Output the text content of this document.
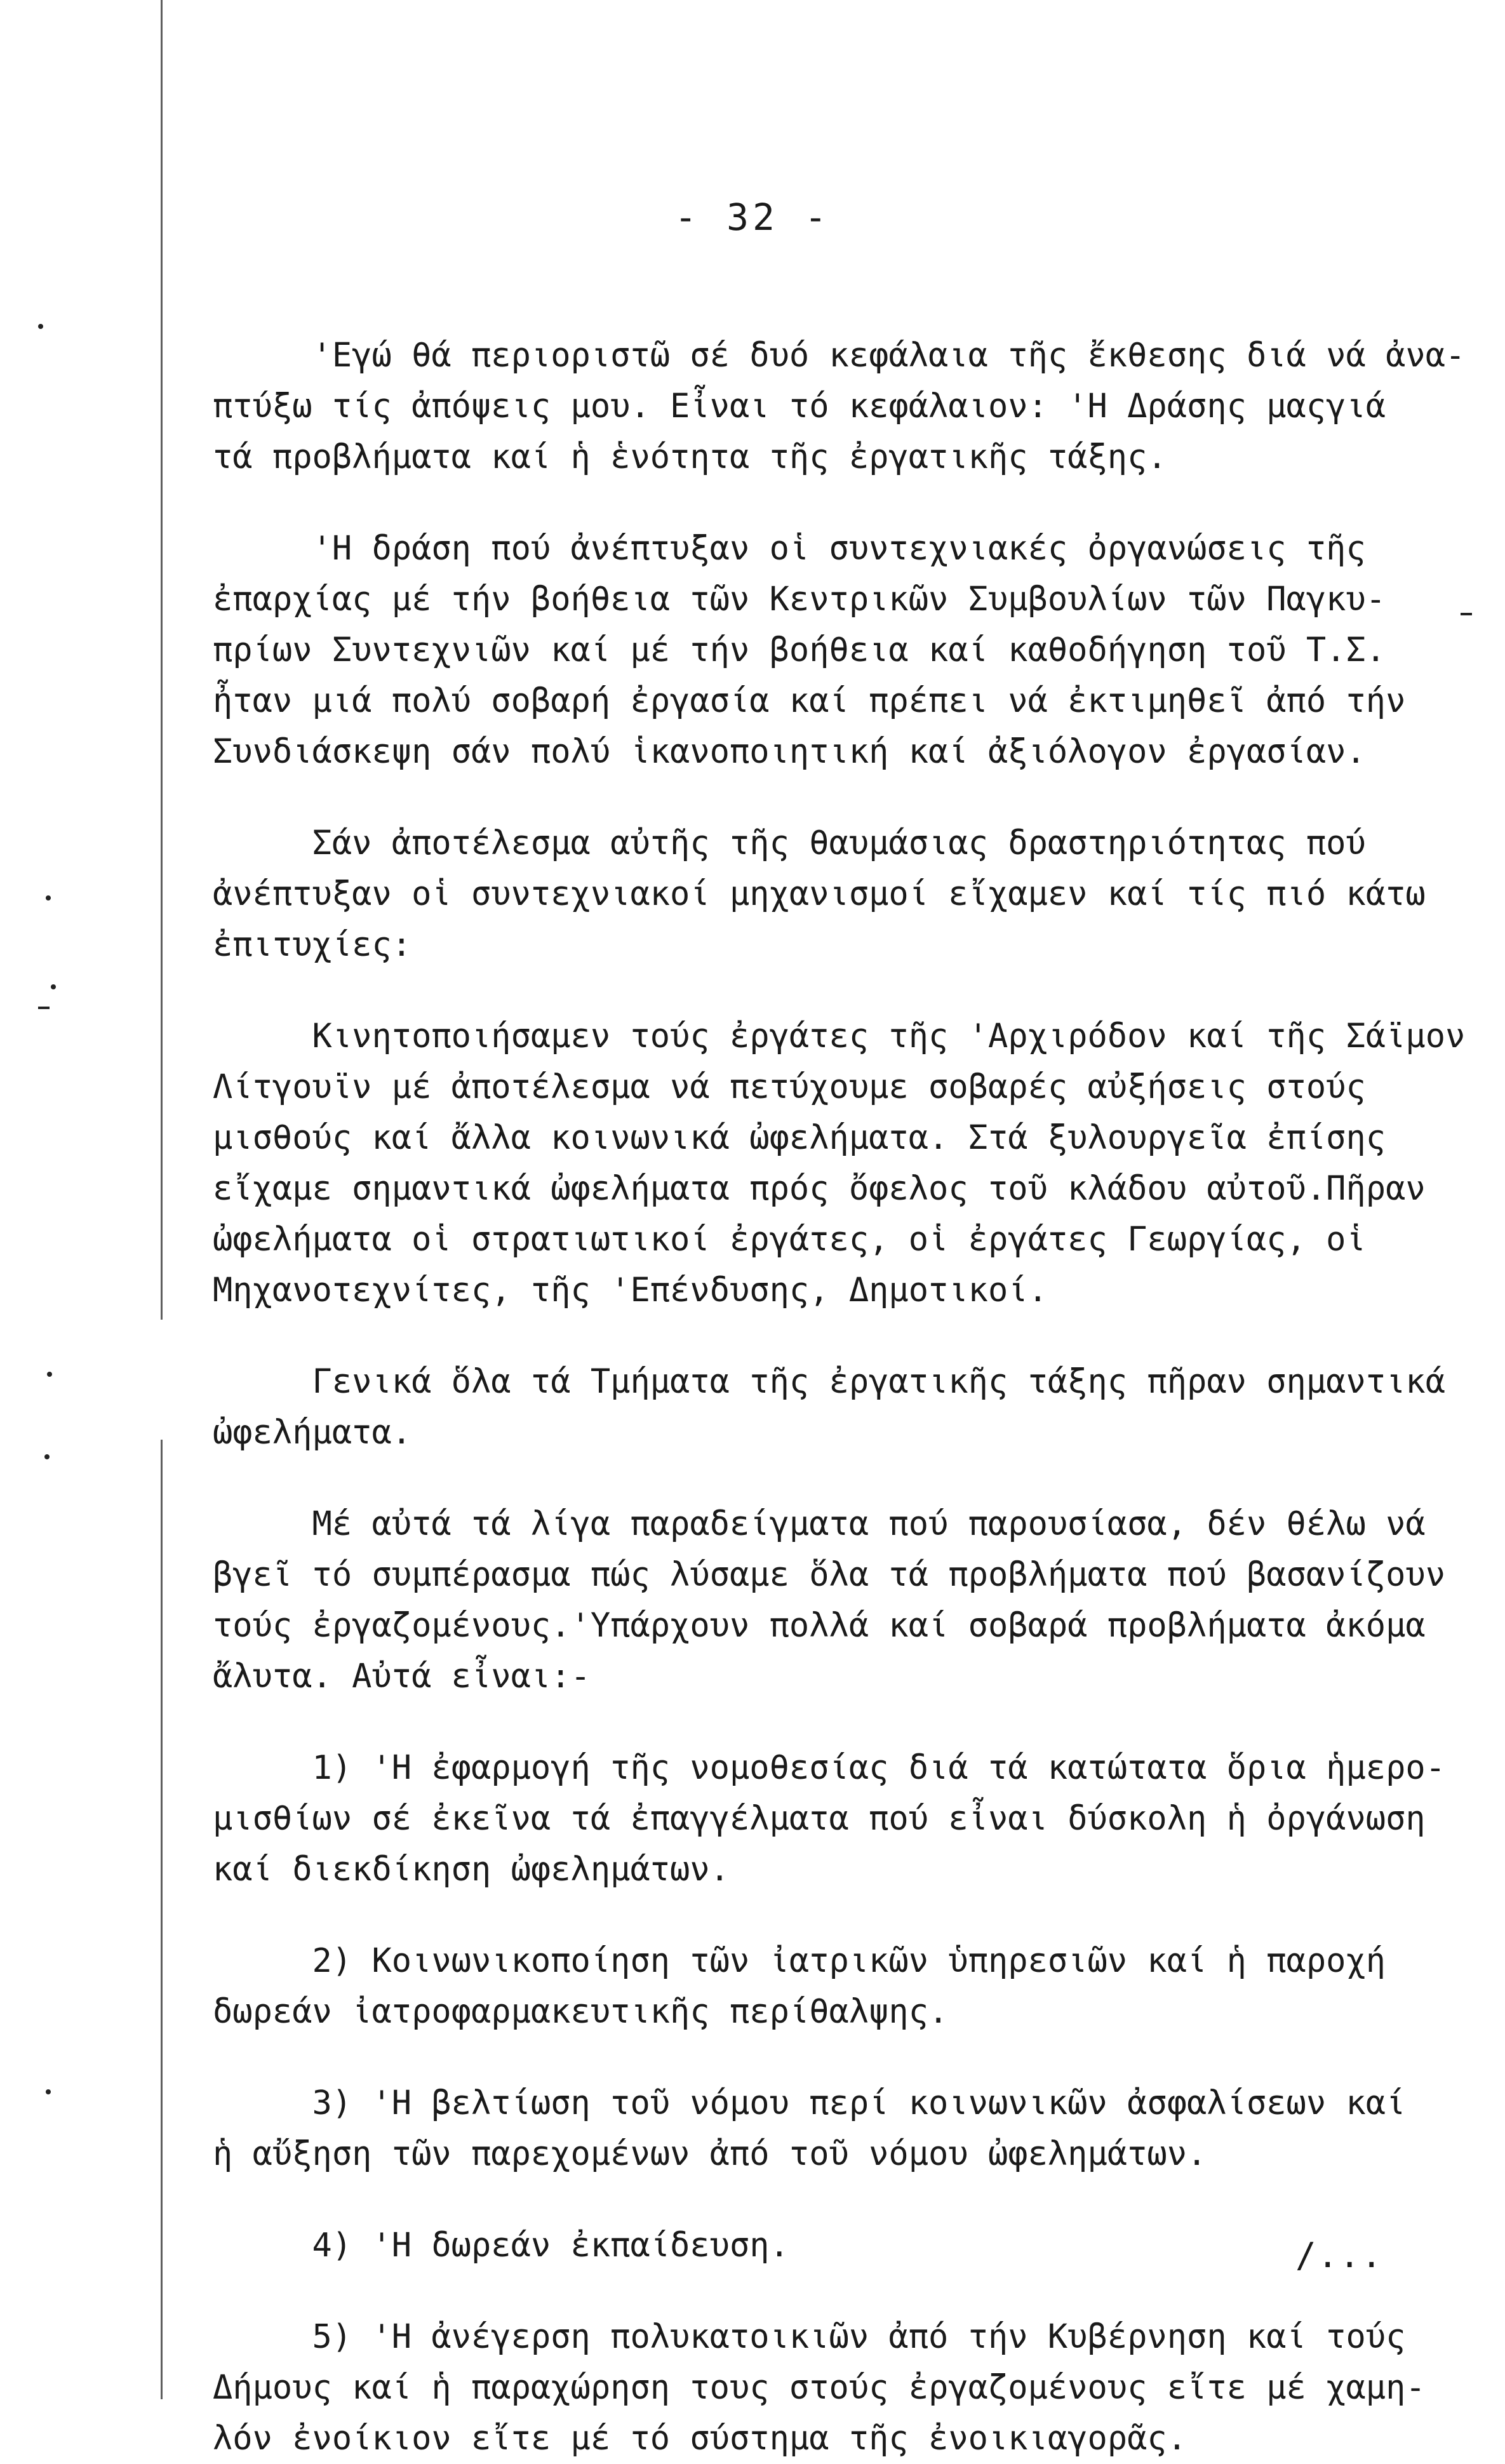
- 32 -
'Εγώ θά περιοριστῶ σέ δυό κεφάλαια τῆς ἔκθεσης διά νά ἀνα-
πτύξω τίς ἀπόψεις μου. Εἶναι τό κεφάλαιον: 'Η Δράσης μαςγιά
τά προβλήματα καί ἡ ἑνότητα τῆς ἐργατικῆς τάξης.
'Η δράση πού ἀνέπτυξαν οἱ συντεχνιακές ὀργανώσεις τῆς
ἐπαρχίας μέ τήν βοήθεια τῶν Κεντρικῶν Συμβουλίων τῶν Παγκυ-
πρίων Συντεχνιῶν καί μέ τήν βοήθεια καί καθοδήγηση τοῦ Τ.Σ.
ἦταν μιά πολύ σοβαρή ἐργασία καί πρέπει νά ἐκτιμηθεῖ ἀπό τήν
Συνδιάσκεψη σάν πολύ ἱκανοποιητική καί ἀξιόλογον ἐργασίαν.
Σάν ἀποτέλεσμα αὐτῆς τῆς θαυμάσιας δραστηριότητας πού
ἀνέπτυξαν οἱ συντεχνιακοί μηχανισμοί εἴχαμεν καί τίς πιό κάτω
ἐπιτυχίες:
Κινητοποιήσαμεν τούς ἐργάτες τῆς 'Αρχιρόδον καί τῆς Σάϊμον
Λίτγουϊν μέ ἀποτέλεσμα νά πετύχουμε σοβαρές αὐξήσεις στούς
μισθούς καί ἄλλα κοινωνικά ὠφελήματα. Στά ξυλουργεῖα ἐπίσης
εἴχαμε σημαντικά ὠφελήματα πρός ὄφελος τοῦ κλάδου αὐτοῦ.Πῆραν
ὠφελήματα οἱ στρατιωτικοί ἐργάτες, οἱ ἐργάτες Γεωργίας, οἱ
Μηχανοτεχνίτες, τῆς 'Επένδυσης, Δημοτικοί.
Γενικά ὅλα τά Τμήματα τῆς ἐργατικῆς τάξης πῆραν σημαντικά
ὠφελήματα.
Μέ αὐτά τά λίγα παραδείγματα πού παρουσίασα, δέν θέλω νά
βγεῖ τό συμπέρασμα πώς λύσαμε ὅλα τά προβλήματα πού βασανίζουν
τούς ἐργαζομένους.'Υπάρχουν πολλά καί σοβαρά προβλήματα ἀκόμα
ἄλυτα. Αὐτά εἶναι:-
1) 'Η ἐφαρμογή τῆς νομοθεσίας διά τά κατώτατα ὅρια ἡμερο-
μισθίων σέ ἐκεῖνα τά ἐπαγγέλματα πού εἶναι δύσκολη ἡ ὀργάνωση
καί διεκδίκηση ὠφελημάτων.
2) Κοινωνικοποίηση τῶν ἰατρικῶν ὑπηρεσιῶν καί ἡ παροχή
δωρεάν ἰατροφαρμακευτικῆς περίθαλψης.
3) 'Η βελτίωση τοῦ νόμου περί κοινωνικῶν ἀσφαλίσεων καί
ἡ αὔξηση τῶν παρεχομένων ἀπό τοῦ νόμου ὠφελημάτων.
4) 'Η δωρεάν ἐκπαίδευση.
5) 'Η ἀνέγερση πολυκατοικιῶν ἀπό τήν Κυβέρνηση καί τούς
Δήμους καί ἡ παραχώρηση τους στούς ἐργαζομένους εἴτε μέ χαμη-
λόν ἐνοίκιον εἴτε μέ τό σύστημα τῆς ἐνοικιαγορᾶς.
/...
